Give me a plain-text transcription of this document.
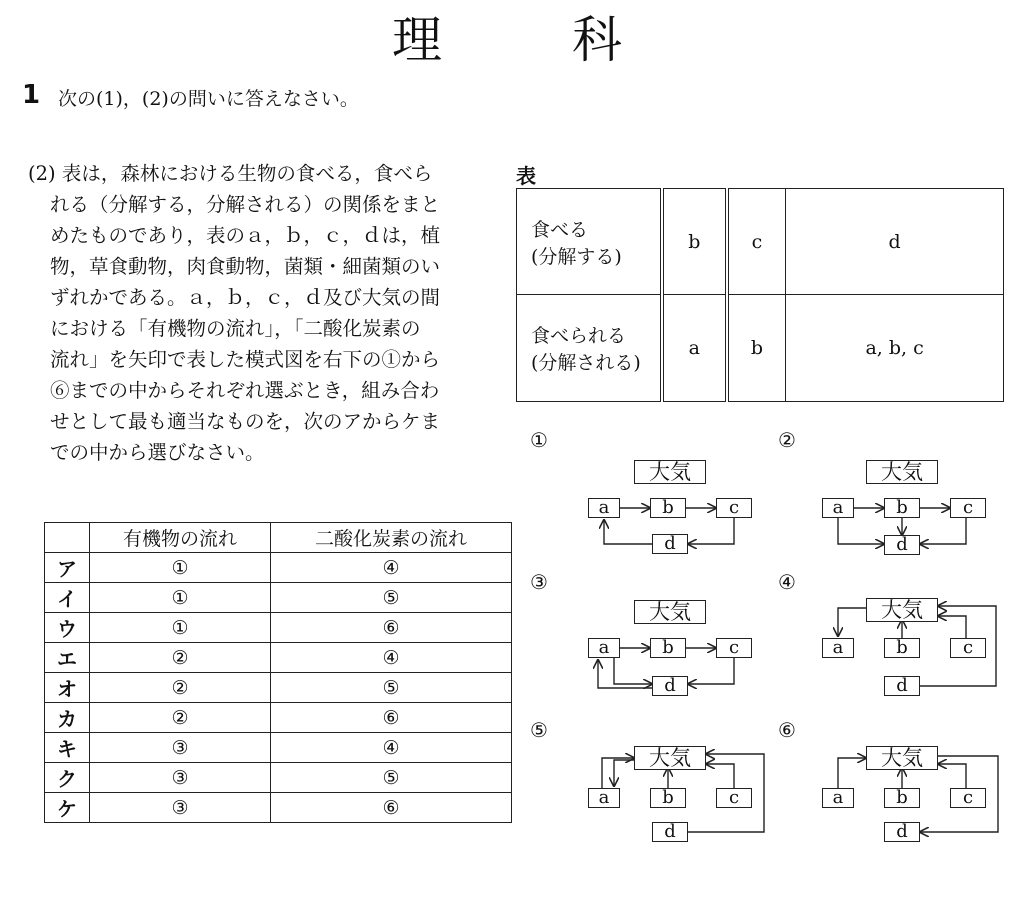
理	科
1 次の(1)，(2)の問いに答えなさい。
(2) 表は，森林における生物の食べる，食べら
れる（分解する，分解される）の関係をまと
めたものであり，表のａ，ｂ，ｃ，ｄは，植
物，草食動物，肉食動物，菌類・細菌類のい
ずれかである。ａ，ｂ，ｃ，ｄ及び大気の間
における「有機物の流れ」，「二酸化炭素の
流れ」を矢印で表した模式図を右下の①から
⑥までの中からそれぞれ選ぶとき，組み合わ
せとして最も適当なものを，次のアからケま
での中から選びなさい。
表
食べる
(分解する)	b	c	d
食べられる
(分解される)	a	b	a, b, c
	有機物の流れ	二酸化炭素の流れ
ア	①	④
イ	①	⑤
ウ	①	⑥
エ	②	④
オ	②	⑤
カ	②	⑥
キ	③	④
ク	③	⑤
ケ	③	⑥
①	②
③	④
⑤	⑥
大気
a	b	c
d
大気
a	b	c
d
大気
a	b	c
d
大気
a	b	c
d
大気
a	b	c
d
大気
a	b	c
d
